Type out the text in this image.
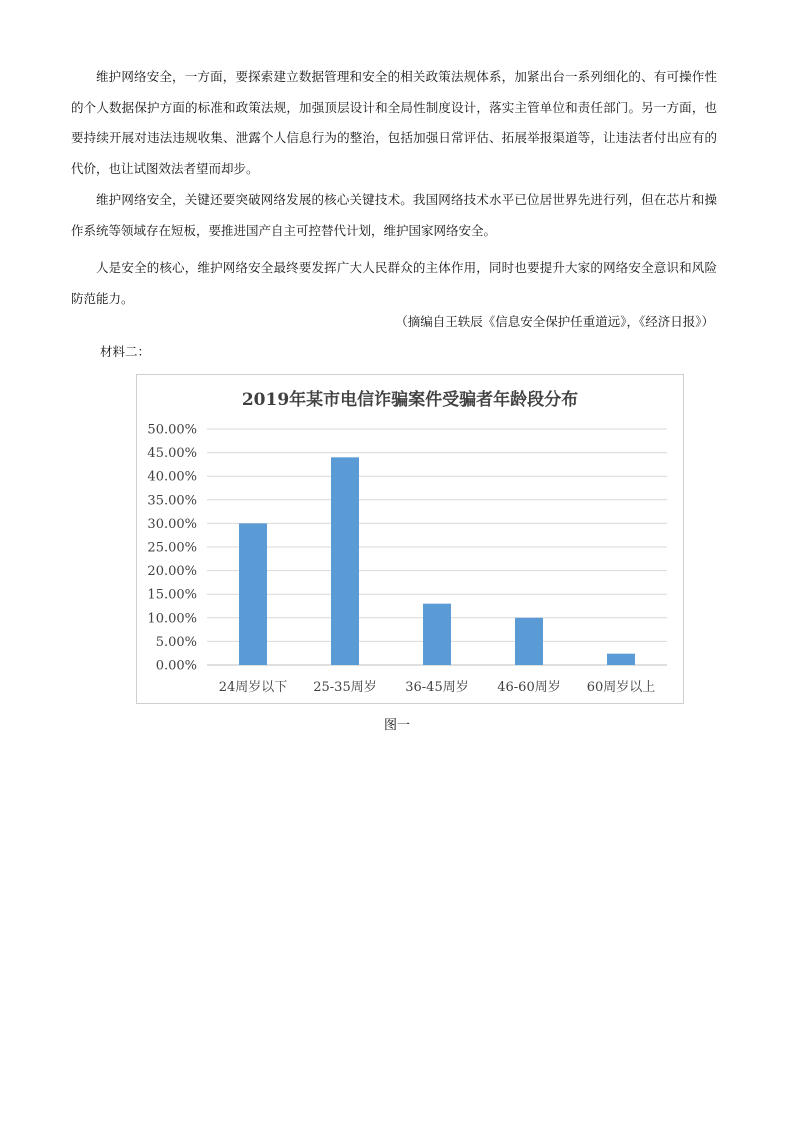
维护网络安全，一方面，要探索建立数据管理和安全的相关政策法规体系，加紧出台一系列细化的、有可操作性的个人数据保护方面的标准和政策法规，加强顶层设计和全局性制度设计，落实主管单位和责任部门。另一方面，也要持续开展对违法违规收集、泄露个人信息行为的整治，包括加强日常评估、拓展举报渠道等，让违法者付出应有的代价，也让试图效法者望而却步。

维护网络安全，关键还要突破网络发展的核心关键技术。我国网络技术水平已位居世界先进行列，但在芯片和操作系统等领域存在短板，要推进国产自主可控替代计划，维护国家网络安全。

人是安全的核心，维护网络安全最终要发挥广大人民群众的主体作用，同时也要提升大家的网络安全意识和风险防范能力。

（摘编自王轶辰《信息安全保护任重道远》，《经济日报》）

材料二：

2019年某市电信诈骗案件受骗者年龄段分布
0.00%
5.00%
10.00%
15.00%
20.00%
25.00%
30.00%
35.00%
40.00%
45.00%
50.00%
24周岁以下 25-35周岁 36-45周岁 46-60周岁 60周岁以上

图一
